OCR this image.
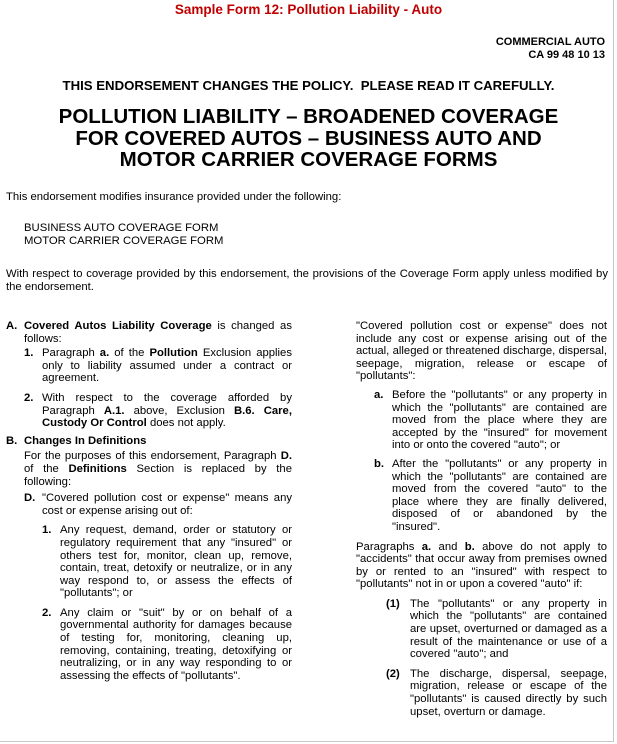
Sample Form 12: Pollution Liability - Auto
COMMERCIAL AUTO
CA 99 48 10 13
THIS ENDORSEMENT CHANGES THE POLICY.  PLEASE READ IT CAREFULLY.
POLLUTION LIABILITY – BROADENED COVERAGE
FOR COVERED AUTOS – BUSINESS AUTO AND
MOTOR CARRIER COVERAGE FORMS
This endorsement modifies insurance provided under the following:
BUSINESS AUTO COVERAGE FORM
MOTOR CARRIER COVERAGE FORM
With respect to coverage provided by this endorsement, the provisions of the Coverage Form apply unless modified by the endorsement.
A. Covered Autos Liability Coverage is changed as follows:

1. Paragraph a. of the Pollution Exclusion applies only to liability assumed under a contract or agreement.

2. With respect to the coverage afforded by Paragraph A.1. above, Exclusion B.6. Care, Custody Or Control does not apply.

B. Changes In Definitions

For the purposes of this endorsement, Paragraph D. of the Definitions Section is replaced by the following:

D. "Covered pollution cost or expense" means any cost or expense arising out of:

1. Any request, demand, order or statutory or regulatory requirement that any "insured" or others test for, monitor, clean up, remove, contain, treat, detoxify or neutralize, or in any way respond to, or assess the effects of "pollutants"; or

2. Any claim or "suit" by or on behalf of a governmental authority for damages because of testing for, monitoring, cleaning up, removing, containing, treating, detoxifying or neutralizing, or in any way responding to or assessing the effects of "pollutants".

"Covered pollution cost or expense" does not include any cost or expense arising out of the actual, alleged or threatened discharge, dispersal, seepage, migration, release or escape of "pollutants":

a. Before the "pollutants" or any property in which the "pollutants" are contained are moved from the place where they are accepted by the "insured" for movement into or onto the covered "auto"; or

b. After the "pollutants" or any property in which the "pollutants" are contained are moved from the covered "auto" to the place where they are finally delivered, disposed of or abandoned by the "insured".

Paragraphs a. and b. above do not apply to "accidents" that occur away from premises owned by or rented to an "insured" with respect to "pollutants" not in or upon a covered "auto" if:

(1) The "pollutants" or any property in which the "pollutants" are contained are upset, overturned or damaged as a result of the maintenance or use of a covered "auto"; and

(2) The discharge, dispersal, seepage, migration, release or escape of the "pollutants" is caused directly by such upset, overturn or damage.
